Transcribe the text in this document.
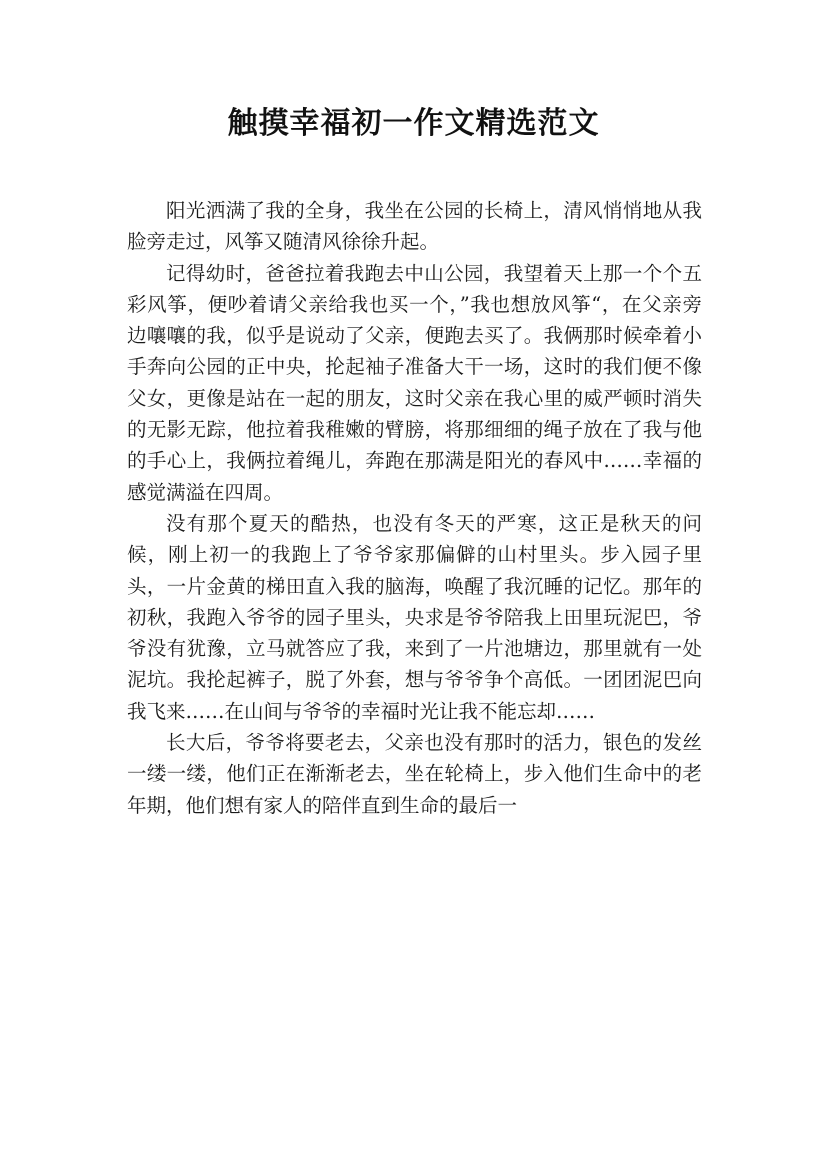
触摸幸福初一作文精选范文

阳光洒满了我的全身，我坐在公园的长椅上，清风悄悄地从我脸旁走过，风筝又随清风徐徐升起。

记得幼时，爸爸拉着我跑去中山公园，我望着天上那一个个五彩风筝，便吵着请父亲给我也买一个，”我也想放风筝“，在父亲旁边嚷嚷的我，似乎是说动了父亲，便跑去买了。我俩那时候牵着小手奔向公园的正中央，抡起袖子准备大干一场，这时的我们便不像父女，更像是站在一起的朋友，这时父亲在我心里的威严顿时消失的无影无踪，他拉着我稚嫩的臂膀，将那细细的绳子放在了我与他的手心上，我俩拉着绳儿，奔跑在那满是阳光的春风中……幸福的感觉满溢在四周。

没有那个夏天的酷热，也没有冬天的严寒，这正是秋天的问候，刚上初一的我跑上了爷爷家那偏僻的山村里头。步入园子里头，一片金黄的梯田直入我的脑海，唤醒了我沉睡的记忆。那年的初秋，我跑入爷爷的园子里头，央求是爷爷陪我上田里玩泥巴，爷爷没有犹豫，立马就答应了我，来到了一片池塘边，那里就有一处泥坑。我抡起裤子，脱了外套，想与爷爷争个高低。一团团泥巴向我飞来……在山间与爷爷的幸福时光让我不能忘却……

长大后，爷爷将要老去，父亲也没有那时的活力，银色的发丝一缕一缕，他们正在渐渐老去，坐在轮椅上，步入他们生命中的老年期，他们想有家人的陪伴直到生命的最后一
